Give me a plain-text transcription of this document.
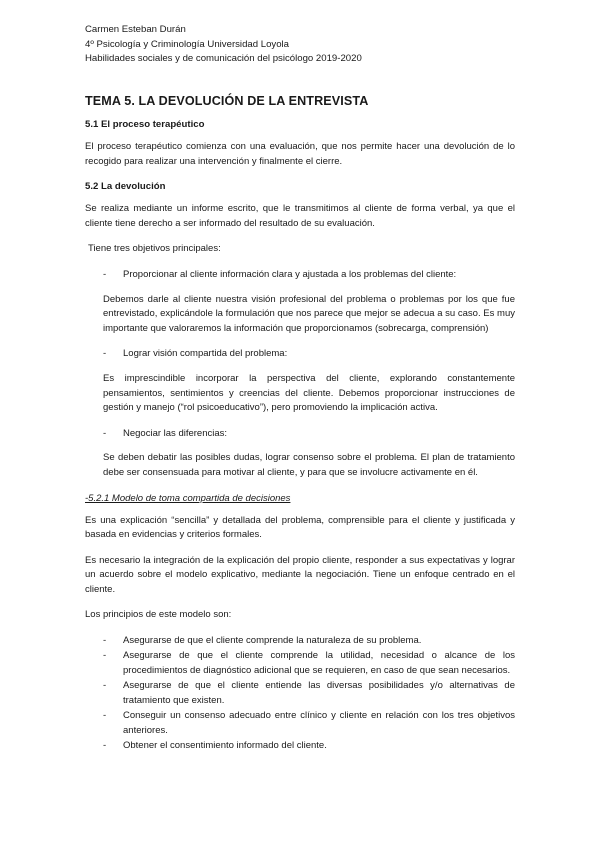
Carmen Esteban Durán
4º Psicología y Criminología Universidad Loyola
Habilidades sociales y de comunicación del psicólogo 2019-2020
TEMA 5. LA DEVOLUCIÓN DE LA ENTREVISTA
5.1 El proceso terapéutico

El proceso terapéutico comienza con una evaluación, que nos permite hacer una devolución de lo recogido para realizar una intervención y finalmente el cierre.

5.2 La devolución

Se realiza mediante un informe escrito, que le transmitimos al cliente de forma verbal, ya que el cliente tiene derecho a ser informado del resultado de su evaluación.

Tiene tres objetivos principales:

-	Proporcionar al cliente información clara y ajustada a los problemas del cliente:

Debemos darle al cliente nuestra visión profesional del problema o problemas por los que fue entrevistado, explicándole la formulación que nos parece que mejor se adecua a su caso. Es muy importante que valoraremos la información que proporcionamos (sobrecarga, comprensión)

-	Lograr visión compartida del problema:

Es imprescindible incorporar la perspectiva del cliente, explorando constantemente pensamientos, sentimientos y creencias del cliente. Debemos proporcionar instrucciones de gestión y manejo (“rol psicoeducativo”), pero promoviendo la implicación activa.

-	Negociar las diferencias:

Se deben debatir las posibles dudas, lograr consenso sobre el problema. El plan de tratamiento debe ser consensuada para motivar al cliente, y para que se involucre activamente en él.

-5.2.1 Modelo de toma compartida de decisiones

Es una explicación “sencilla” y detallada del problema, comprensible para el cliente y justificada y basada en evidencias y criterios formales.

Es necesario la integración de la explicación del propio cliente, responder a sus expectativas y lograr un acuerdo sobre el modelo explicativo, mediante la negociación. Tiene un enfoque centrado en el cliente.

Los principios de este modelo son:

-	Asegurarse de que el cliente comprende la naturaleza de su problema.
-	Asegurarse de que el cliente comprende la utilidad, necesidad o alcance de los procedimientos de diagnóstico adicional que se requieren, en caso de que sean necesarios.
-	Asegurarse de que el cliente entiende las diversas posibilidades y/o alternativas de tratamiento que existen.
-	Conseguir un consenso adecuado entre clínico y cliente en relación con los tres objetivos anteriores.
-	Obtener el consentimiento informado del cliente.
